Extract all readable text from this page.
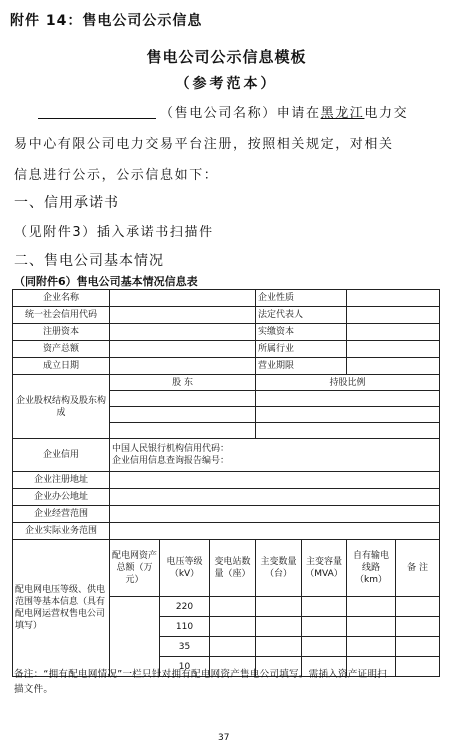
附件 14：售电公司公示信息
售电公司公示信息模板
（参考范本）
（售电公司名称）申请在黑龙江电力交
易中心有限公司电力交易平台注册，按照相关规定，对相关
信息进行公示，公示信息如下：
一、信用承诺书
（见附件3）插入承诺书扫描件
二、售电公司基本情况
（同附件6）售电公司基本情况信息表
企业名称				企业性质			
统一社会信用代码				法定代表人			
注册资本				实缴资本			
资产总额				所属行业			
成立日期				营业期限			
企业股权结构及股东构成	股 东			持股比例			

企业信用	中国人民银行机构信用代码：
企业信用信息查询报告编号：						

企业注册地址							
企业办公地址							
企业经营范围							
企业实际业务范围							
配电网电压等级、供电范围等基本信息（具有配电网运营权售电公司填写）	配电网资产总额（万元）	电压等级（kV）	变电站数量（座）	主变数量（台）	主变容量（MVA）	自有输电线路（km）	备 注
		220					
		110					
		35					
		10					
备注：“拥有配电网情况”一栏只针对拥有配电网资产售电公司填写。需插入资产证明扫
描文件。
37
